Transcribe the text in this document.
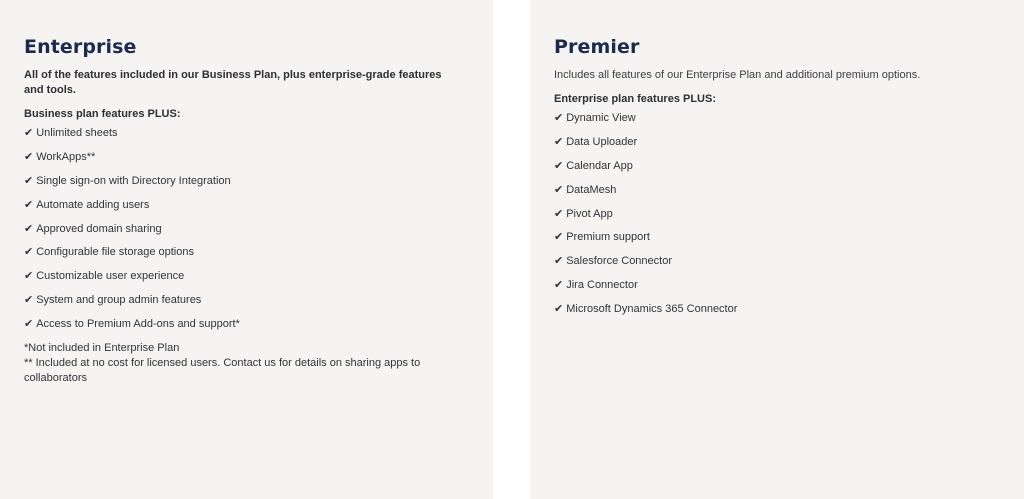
Enterprise

All of the features included in our Business Plan, plus enterprise-grade features and tools.

Business plan features PLUS:

✔ Unlimited sheets
✔ WorkApps**
✔ Single sign-on with Directory Integration
✔ Automate adding users
✔ Approved domain sharing
✔ Configurable file storage options
✔ Customizable user experience
✔ System and group admin features
✔ Access to Premium Add-ons and support*
*Not included in Enterprise Plan
** Included at no cost for licensed users. Contact us for details on sharing apps to collaborators
Premier

Includes all features of our Enterprise Plan and additional premium options.

Enterprise plan features PLUS:

✔ Dynamic View
✔ Data Uploader
✔ Calendar App
✔ DataMesh
✔ Pivot App
✔ Premium support
✔ Salesforce Connector
✔ Jira Connector
✔ Microsoft Dynamics 365 Connector
